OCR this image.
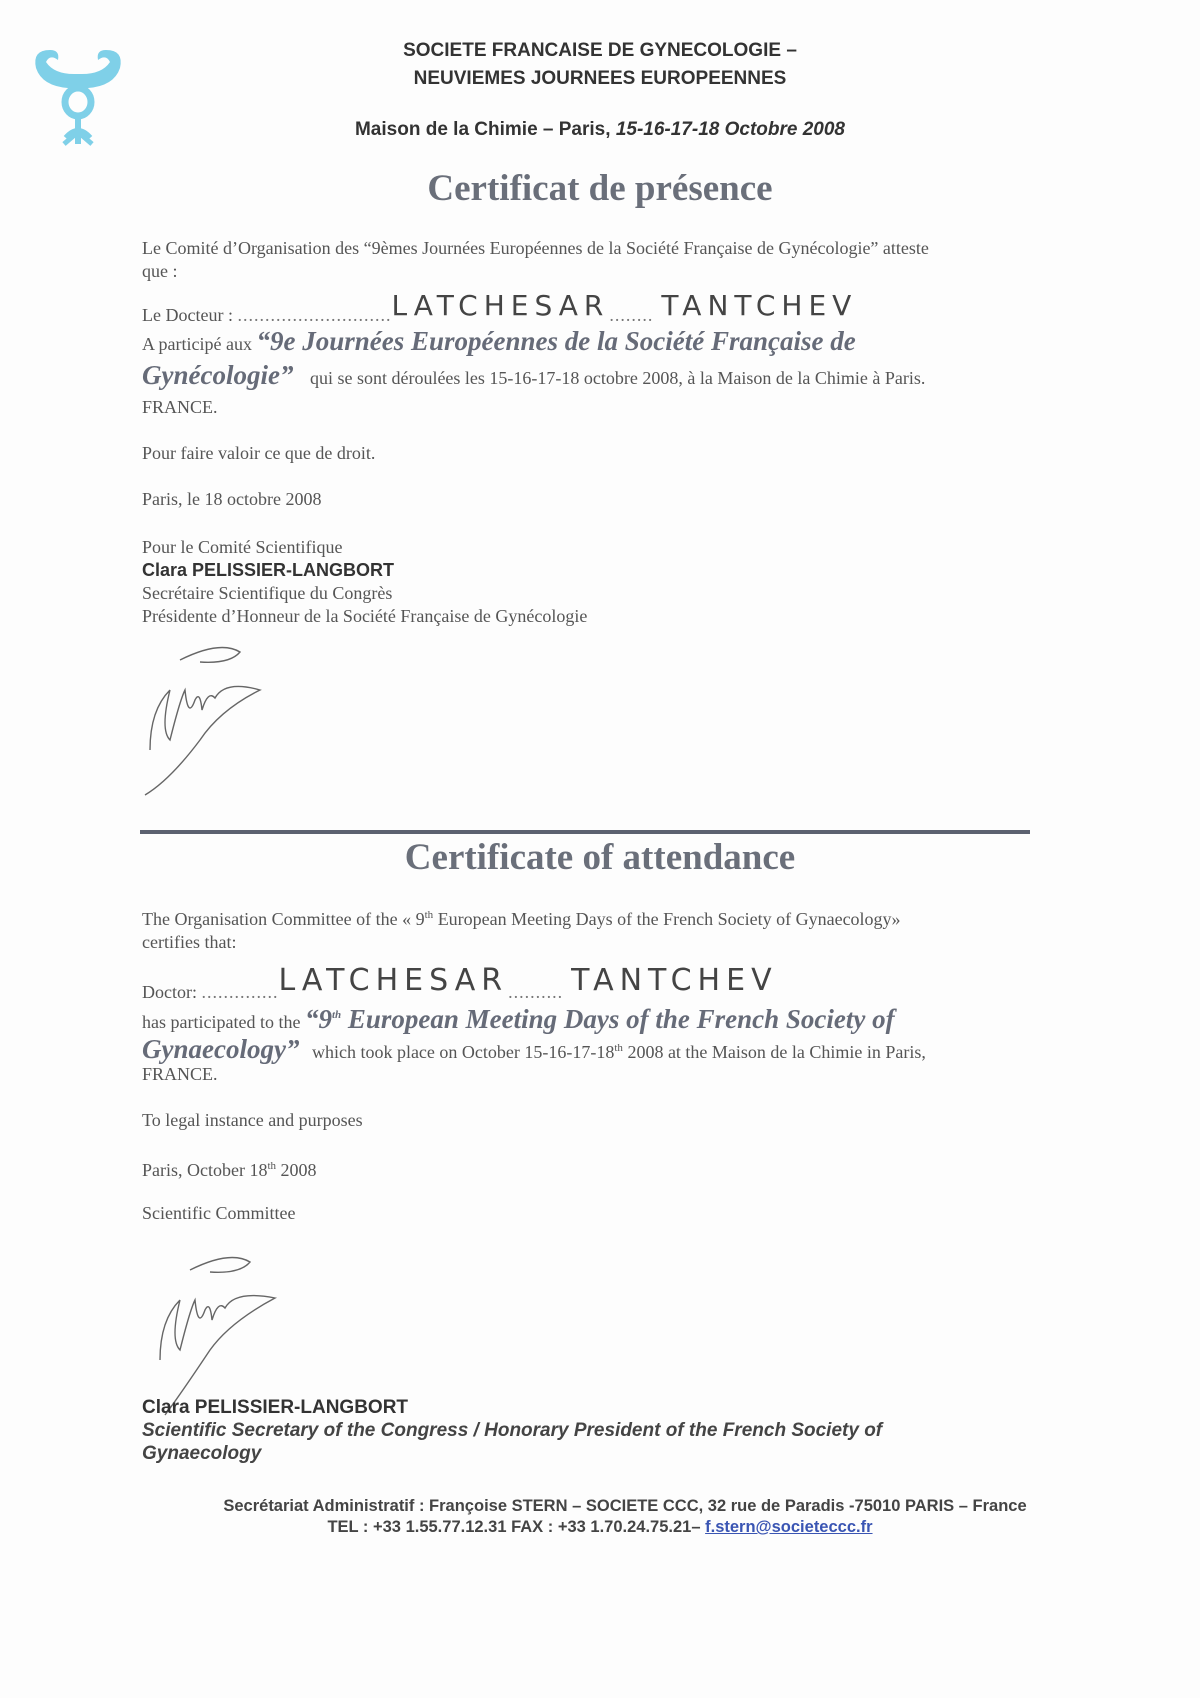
SOCIETE FRANCAISE DE GYNECOLOGIE –
NEUVIEMES JOURNEES EUROPEENNES
Maison de la Chimie – Paris, 15-16-17-18 Octobre 2008
Certificat de présence
Le Comité d’Organisation des “9èmes Journées Européennes de la Société Française de Gynécologie” atteste
que :
Le Docteur : ............................LATCHESAR........ TANTCHEV
A participé aux “9e Journées Européennes de la Société Française de
Gynécologie” qui se sont déroulées les 15-16-17-18 octobre 2008, à la Maison de la Chimie à Paris.
FRANCE.
Pour faire valoir ce que de droit.
Paris, le 18 octobre 2008
Pour le Comité Scientifique
Clara PELISSIER-LANGBORT
Secrétaire Scientifique du Congrès
Présidente d’Honneur de la Société Française de Gynécologie
Certificate of attendance
The Organisation Committee of the « 9th European Meeting Days of the French Society of Gynaecology»
certifies that:
Doctor: ..............LATCHESAR.......... TANTCHEV
has participated to the “9th European Meeting Days of the French Society of
Gynaecology” which took place on October 15-16-17-18th 2008 at the Maison de la Chimie in Paris,
FRANCE.
To legal instance and purposes
Paris, October 18th 2008
Scientific Committee
Clara PELISSIER-LANGBORT
Scientific Secretary of the Congress / Honorary President of the French Society of
Gynaecology
Secrétariat Administratif : Françoise STERN – SOCIETE CCC, 32 rue de Paradis -75010 PARIS – France
TEL : +33 1.55.77.12.31 FAX : +33 1.70.24.75.21– f.stern@societeccc.fr
